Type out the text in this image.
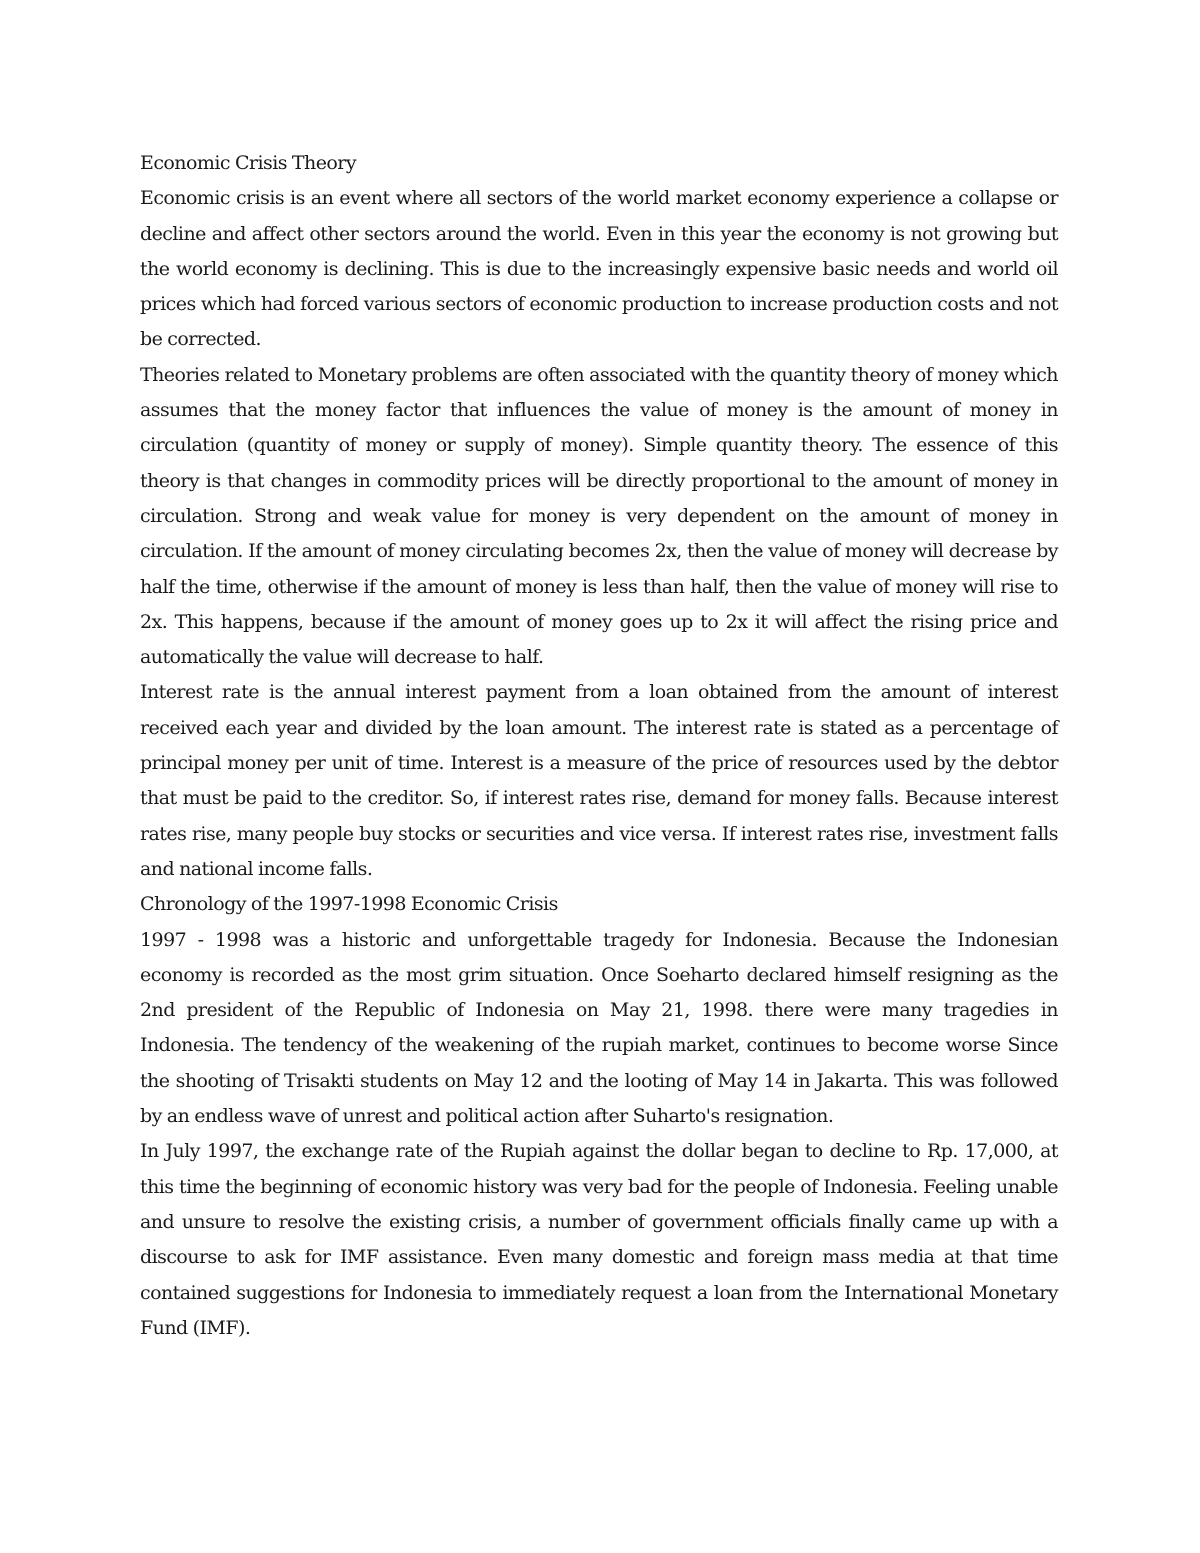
Economic Crisis Theory

Economic crisis is an event where all sectors of the world market economy experience a collapse or decline and affect other sectors around the world. Even in this year the economy is not growing but the world economy is declining. This is due to the increasingly expensive basic needs and world oil prices which had forced various sectors of economic production to increase production costs and not be corrected.

Theories related to Monetary problems are often associated with the quantity theory of money which assumes that the money factor that influences the value of money is the amount of money in circulation (quantity of money or supply of money). Simple quantity theory. The essence of this theory is that changes in commodity prices will be directly proportional to the amount of money in circulation. Strong and weak value for money is very dependent on the amount of money in circulation. If the amount of money circulating becomes 2x, then the value of money will decrease by half the time, otherwise if the amount of money is less than half, then the value of money will rise to 2x. This happens, because if the amount of money goes up to 2x it will affect the rising price and automatically the value will decrease to half.

Interest rate is the annual interest payment from a loan obtained from the amount of interest received each year and divided by the loan amount. The interest rate is stated as a percentage of principal money per unit of time. Interest is a measure of the price of resources used by the debtor that must be paid to the creditor. So, if interest rates rise, demand for money falls. Because interest rates rise, many people buy stocks or securities and vice versa. If interest rates rise, investment falls and national income falls.

Chronology of the 1997-1998 Economic Crisis

1997 - 1998 was a historic and unforgettable tragedy for Indonesia. Because the Indonesian economy is recorded as the most grim situation. Once Soeharto declared himself resigning as the 2nd president of the Republic of Indonesia on May 21, 1998. there were many tragedies in Indonesia. The tendency of the weakening of the rupiah market, continues to become worse Since the shooting of Trisakti students on May 12 and the looting of May 14 in Jakarta. This was followed by an endless wave of unrest and political action after Suharto's resignation.

In July 1997, the exchange rate of the Rupiah against the dollar began to decline to Rp. 17,000, at this time the beginning of economic history was very bad for the people of Indonesia. Feeling unable and unsure to resolve the existing crisis, a number of government officials finally came up with a discourse to ask for IMF assistance. Even many domestic and foreign mass media at that time contained suggestions for Indonesia to immediately request a loan from the International Monetary Fund (IMF).
